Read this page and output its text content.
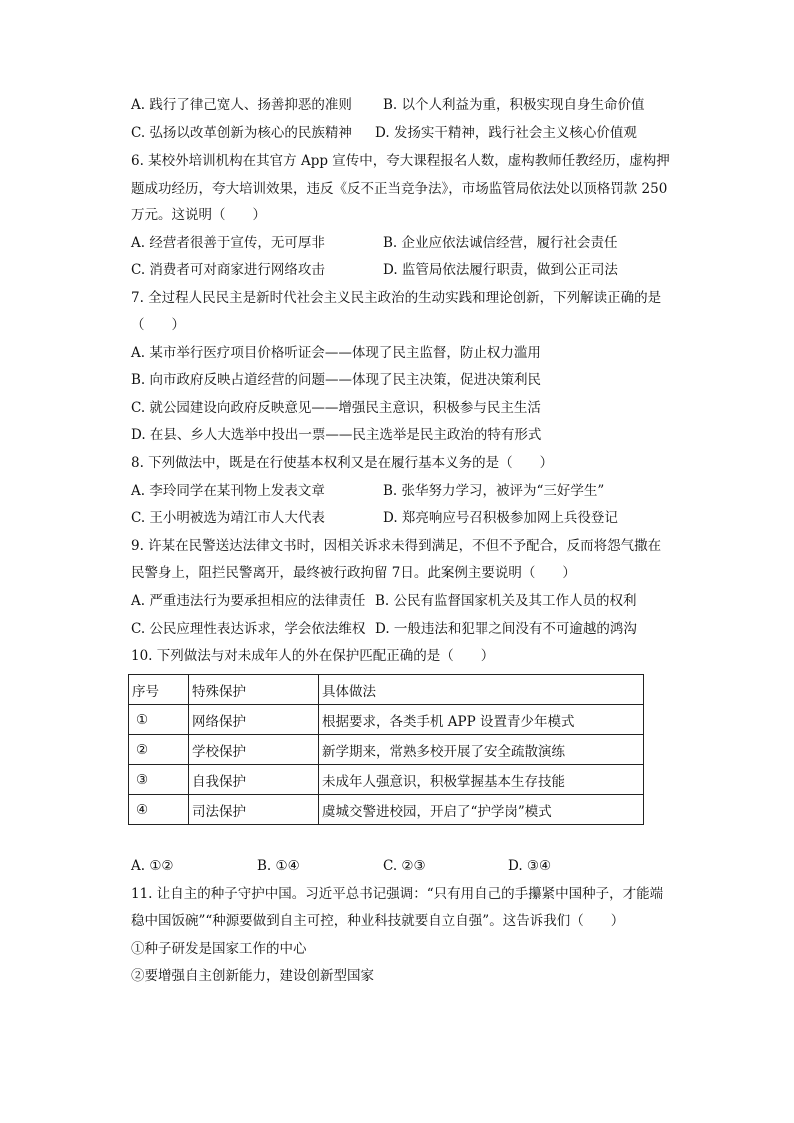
A. 践行了律己宽人、扬善抑恶的准则 B. 以个人利益为重，积极实现自身生命价值
C. 弘扬以改革创新为核心的民族精神 D. 发扬实干精神，践行社会主义核心价值观
6. 某校外培训机构在其官方 App 宣传中，夸大课程报名人数，虚构教师任教经历，虚构押
题成功经历，夸大培训效果，违反《反不正当竞争法》，市场监管局依法处以顶格罚款 250
万元。这说明（　　）
A. 经营者很善于宣传，无可厚非	B. 企业应依法诚信经营，履行社会责任
C. 消费者可对商家进行网络攻击	D. 监管局依法履行职责，做到公正司法
7. 全过程人民民主是新时代社会主义民主政治的生动实践和理论创新，下列解读正确的是
（　　）
A. 某市举行医疗项目价格听证会——体现了民主监督，防止权力滥用
B. 向市政府反映占道经营的问题——体现了民主决策，促进决策利民
C. 就公园建设向政府反映意见——增强民主意识，积极参与民主生活
D. 在县、乡人大选举中投出一票——民主选举是民主政治的特有形式
8. 下列做法中，既是在行使基本权利又是在履行基本义务的是（　　）
A. 李玲同学在某刊物上发表文章	B. 张华努力学习，被评为“三好学生”
C. 王小明被选为靖江市人大代表	D. 郑亮响应号召积极参加网上兵役登记
9. 许某在民警送达法律文书时，因相关诉求未得到满足，不但不予配合，反而将怨气撒在
民警身上，阻拦民警离开，最终被行政拘留 7日。此案例主要说明（　　）
A. 严重违法行为要承担相应的法律责任 B. 公民有监督国家机关及其工作人员的权利
C. 公民应理性表达诉求，学会依法维权 D. 一般违法和犯罪之间没有不可逾越的鸿沟
10. 下列做法与对未成年人的外在保护匹配正确的是（　　）
序号	特殊保护	具体做法
①	网络保护	根据要求，各类手机 APP 设置青少年模式
②	学校保护	新学期来，常熟多校开展了安全疏散演练
③	自我保护	未成年人强意识，积极掌握基本生存技能
④	司法保护	虞城交警进校园，开启了“护学岗”模式
A. ①②	B. ①④	C. ②③	D. ③④
11. 让自主的种子守护中国。习近平总书记强调：“只有用自己的手攥紧中国种子，才能端
稳中国饭碗”“种源要做到自主可控，种业科技就要自立自强”。这告诉我们（　　）
①种子研发是国家工作的中心
②要增强自主创新能力，建设创新型国家
